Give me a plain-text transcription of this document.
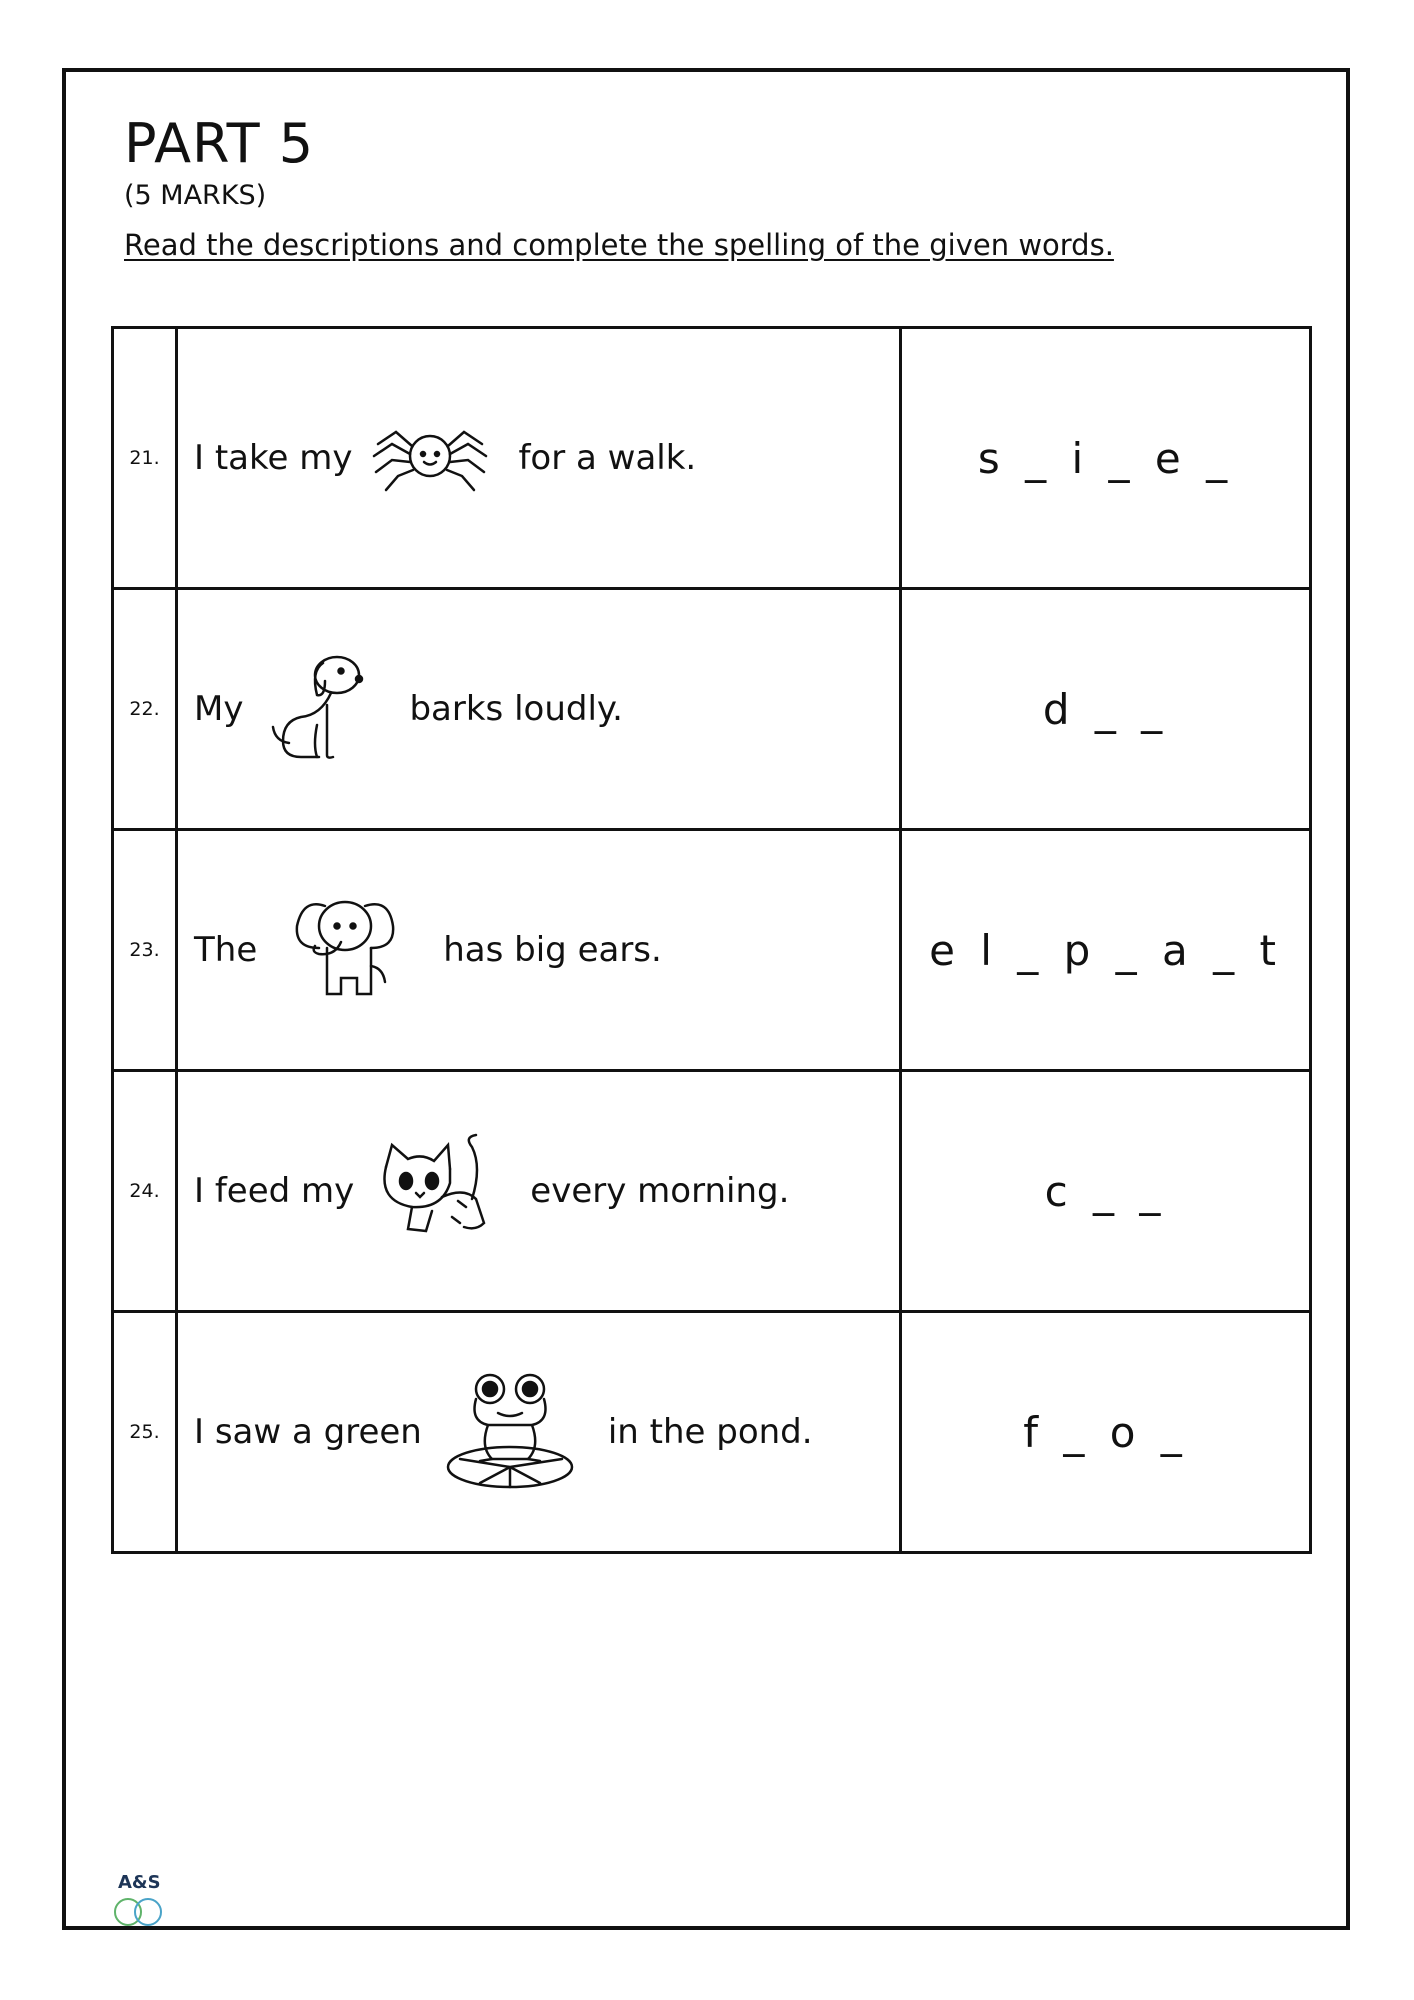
PART 5

(5 MARKS)

Read the descriptions and complete the spelling of the given words.

21.	I take my for a walk.	s _ i _ e _
22.	My barks loudly.	d _ _
23.	The has big ears.	e l _ p _ a _ t
24.	I feed my every morning.	c _ _
25.	I saw a green in the pond.	f _ o _

A&S
